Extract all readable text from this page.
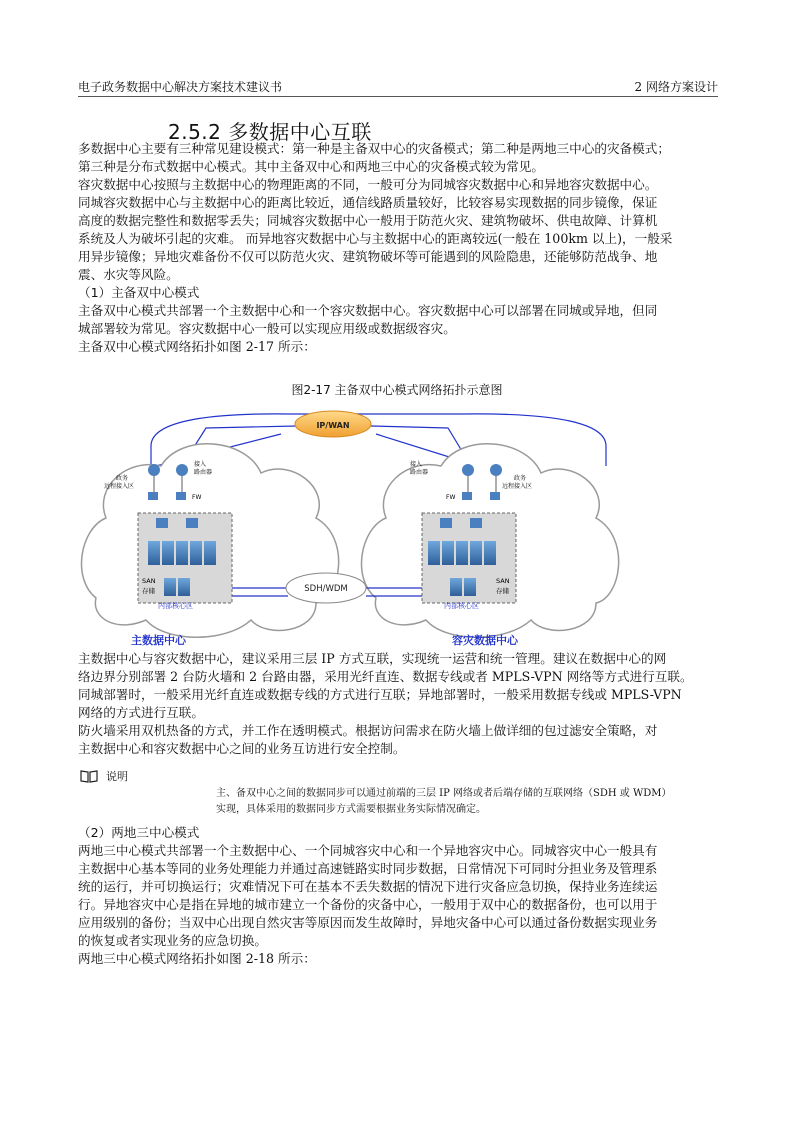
电子政务数据中心解决方案技术建议书	2 网络方案设计
2.5.2 多数据中心互联

多数据中心主要有三种常见建设模式：第一种是主备双中心的灾备模式；第二种是两地三中心的灾备模式；

第三种是分布式数据中心模式。其中主备双中心和两地三中心的灾备模式较为常见。

容灾数据中心按照与主数据中心的物理距离的不同，一般可分为同城容灾数据中心和异地容灾数据中心。

同城容灾数据中心与主数据中心的距离比较近，通信线路质量较好，比较容易实现数据的同步镜像，保证

高度的数据完整性和数据零丢失；同城容灾数据中心一般用于防范火灾、建筑物破坏、供电故障、计算机

系统及人为破坏引起的灾难。 而异地容灾数据中心与主数据中心的距离较远(一般在 100km 以上)，一般采

用异步镜像；异地灾难备份不仅可以防范火灾、建筑物破坏等可能遇到的风险隐患，还能够防范战争、地

震、水灾等风险。

（1）主备双中心模式

主备双中心模式共部署一个主数据中心和一个容灾数据中心。容灾数据中心可以部署在同城或异地，但同

城部署较为常见。容灾数据中心一般可以实现应用级或数据级容灾。

主备双中心模式网络拓扑如图 2-17 所示：

图2-17 主备双中心模式网络拓扑示意图
IP/WAN
SDH/WDM
政务
远程接入区
接入
路由器
FW
SAN
存储
内部核心区
主数据中心
接入
路由器
政务
远程接入区
FW
SAN
存储
内部核心区
容灾数据中心

主数据中心与容灾数据中心，建议采用三层 IP 方式互联，实现统一运营和统一管理。建议在数据中心的网

络边界分别部署 2 台防火墙和 2 台路由器，采用光纤直连、数据专线或者 MPLS-VPN 网络等方式进行互联。

同城部署时，一般采用光纤直连或数据专线的方式进行互联；异地部署时，一般采用数据专线或 MPLS-VPN

网络的方式进行互联。

防火墙采用双机热备的方式，并工作在透明模式。根据访问需求在防火墙上做详细的包过滤安全策略，对

主数据中心和容灾数据中心之间的业务互访进行安全控制。

说明
主、备双中心之间的数据同步可以通过前端的三层 IP 网络或者后端存储的互联网络（SDH 或 WDM）
实现，具体采用的数据同步方式需要根据业务实际情况确定。

（2）两地三中心模式

两地三中心模式共部署一个主数据中心、一个同城容灾中心和一个异地容灾中心。同城容灾中心一般具有

主数据中心基本等同的业务处理能力并通过高速链路实时同步数据，日常情况下可同时分担业务及管理系

统的运行，并可切换运行；灾难情况下可在基本不丢失数据的情况下进行灾备应急切换，保持业务连续运

行。异地容灾中心是指在异地的城市建立一个备份的灾备中心，一般用于双中心的数据备份，也可以用于

应用级别的备份；当双中心出现自然灾害等原因而发生故障时，异地灾备中心可以通过备份数据实现业务

的恢复或者实现业务的应急切换。

两地三中心模式网络拓扑如图 2-18 所示：
